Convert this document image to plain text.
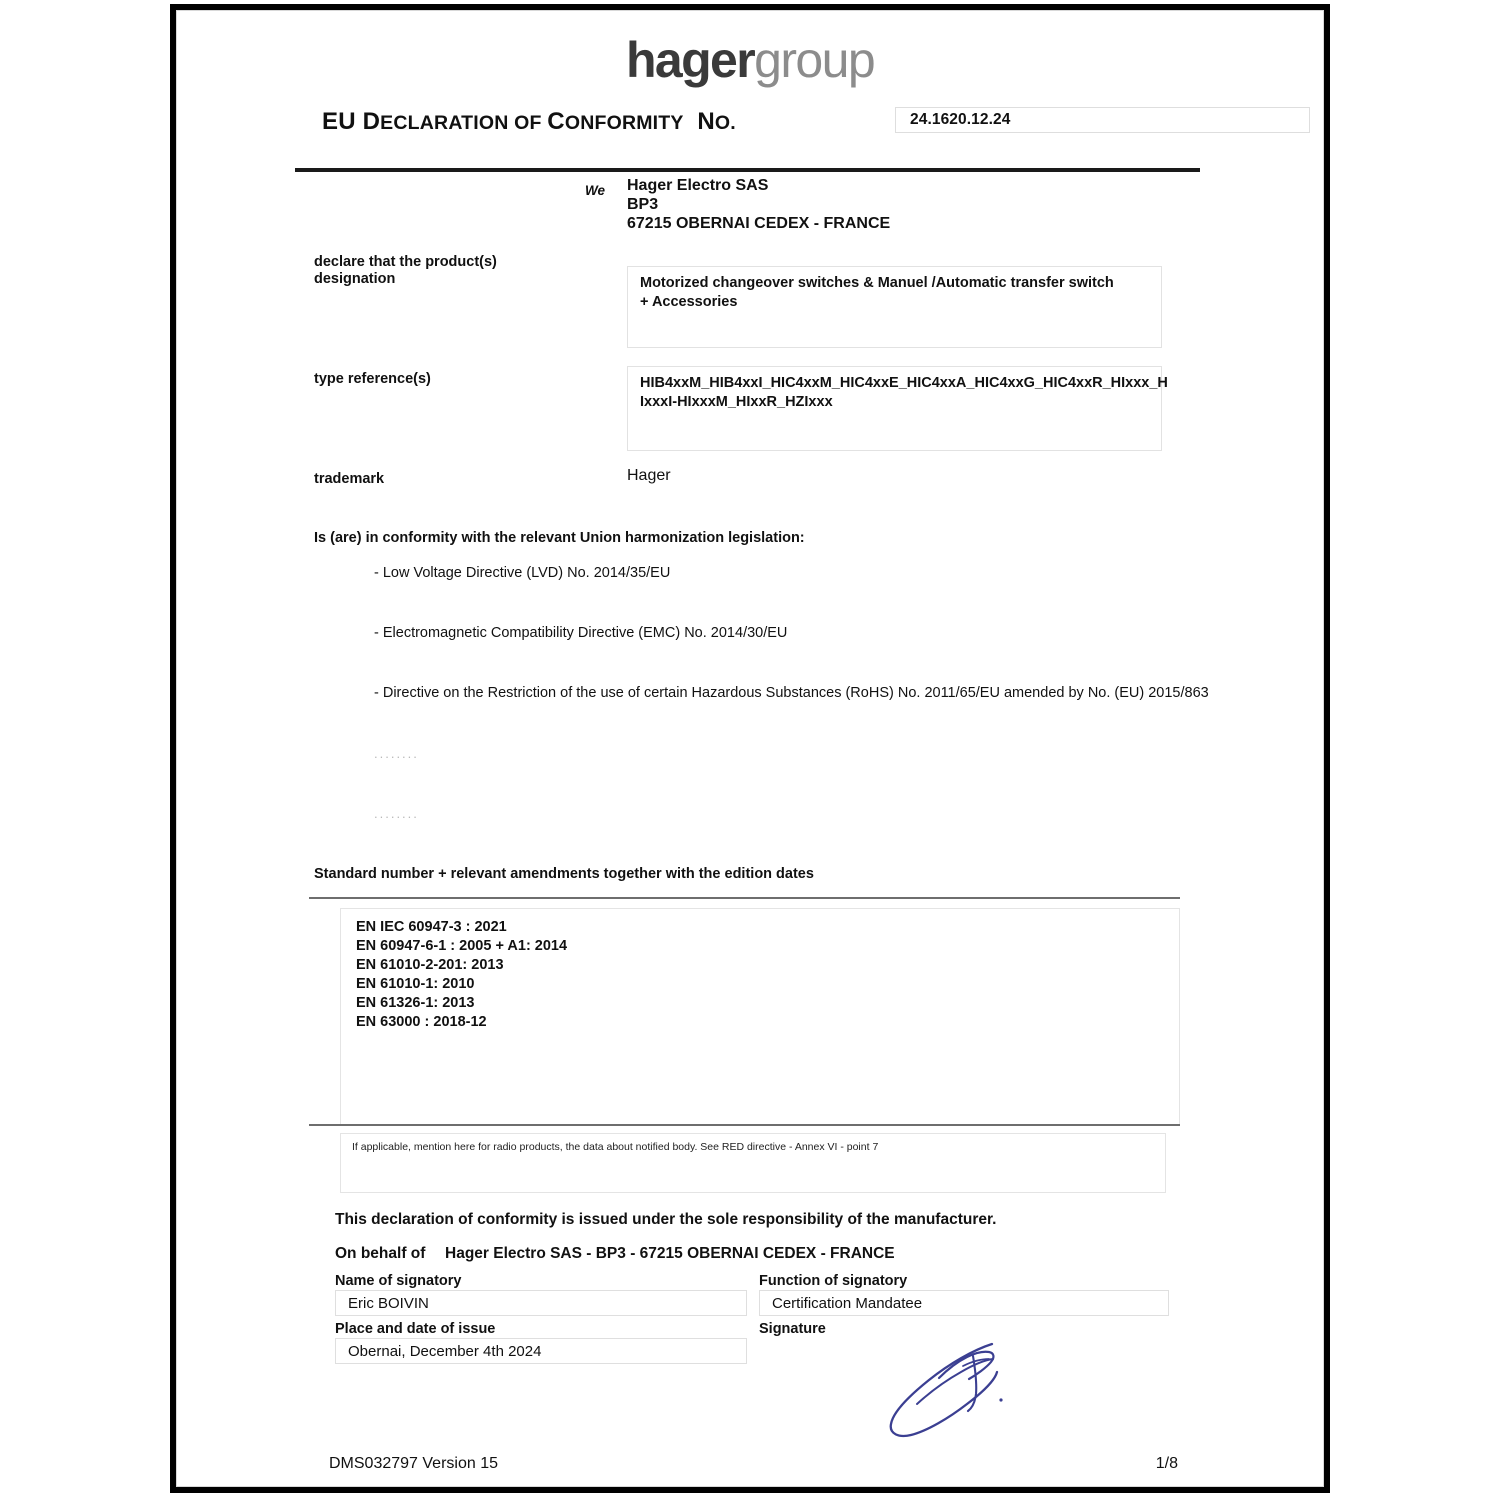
hagergroup
EU DECLARATION OF CONFORMITY NO.	24.1620.12.24
We Hager Electro SAS
BP3
67215 OBERNAI CEDEX - FRANCE
declare that the product(s)
designation	Motorized changeover switches & Manuel /Automatic transfer switch
+ Accessories
type reference(s)	HIB4xxM_HIB4xxI_HIC4xxM_HIC4xxE_HIC4xxA_HIC4xxG_HIC4xxR_HIxxx_H
IxxxI-HIxxxM_HIxxR_HZIxxx
trademark	Hager
Is (are) in conformity with the relevant Union harmonization legislation:
- Low Voltage Directive (LVD) No. 2014/35/EU
- Electromagnetic Compatibility Directive (EMC) No. 2014/30/EU
- Directive on the Restriction of the use of certain Hazardous Substances (RoHS) No. 2011/65/EU amended by No. (EU) 2015/863
........
........
Standard number + relevant amendments together with the edition dates
EN IEC 60947-3 : 2021
EN 60947-6-1 : 2005 + A1: 2014
EN 61010-2-201: 2013
EN 61010-1: 2010
EN 61326-1: 2013
EN 63000 : 2018-12
If applicable, mention here for radio products, the data about notified body. See RED directive - Annex VI - point 7
This declaration of conformity is issued under the sole responsibility of the manufacturer.
On behalf of Hager Electro SAS - BP3 - 67215 OBERNAI CEDEX - FRANCE
Name of signatory
Eric BOIVIN
Function of signatory
Certification Mandatee
Place and date of issue
Obernai, December 4th 2024
Signature
DMS032797 Version 15	1/8
